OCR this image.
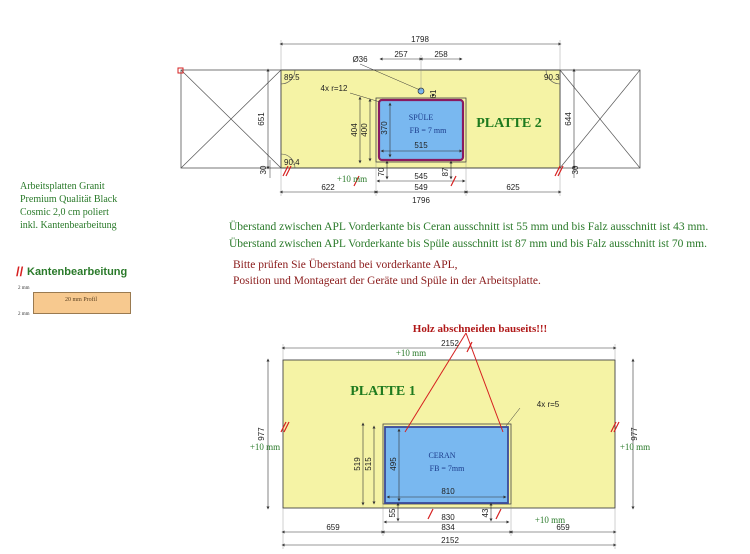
1798
257	258
Ø36
61
4x r=12
651	644
89.5	90.3
90.4
404 400 370
515
545
549
1796
622	625
70	87
30	30
+10 mm
PLATTE 2
SPÜLE
FB = 7 mm
2152
977	977
519 515 495
810
830
834
659	659
2152
55	43
4x r=5
+10 mm
+10 mm	+10 mm
+10 mm
PLATTE 1
Holz abschneiden bauseits!!!
CERAN
FB = 7mm
Arbeitsplatten Granit
Premium Qualität Black
Cosmic 2,0 cm poliert
inkl. Kantenbearbeitung
// Kantenbearbeitung
2 mm
20 mm Profil
2 mm
Überstand zwischen APL Vorderkante bis Ceran ausschnitt ist 55 mm und bis Falz ausschnitt ist 43 mm.
Überstand zwischen APL Vorderkante bis Spüle ausschnitt ist 87 mm und bis Falz ausschnitt ist 70 mm.
Bitte prüfen Sie Überstand bei vorderkante APL,
Position und Montageart der Geräte und Spüle in der Arbeitsplatte.
